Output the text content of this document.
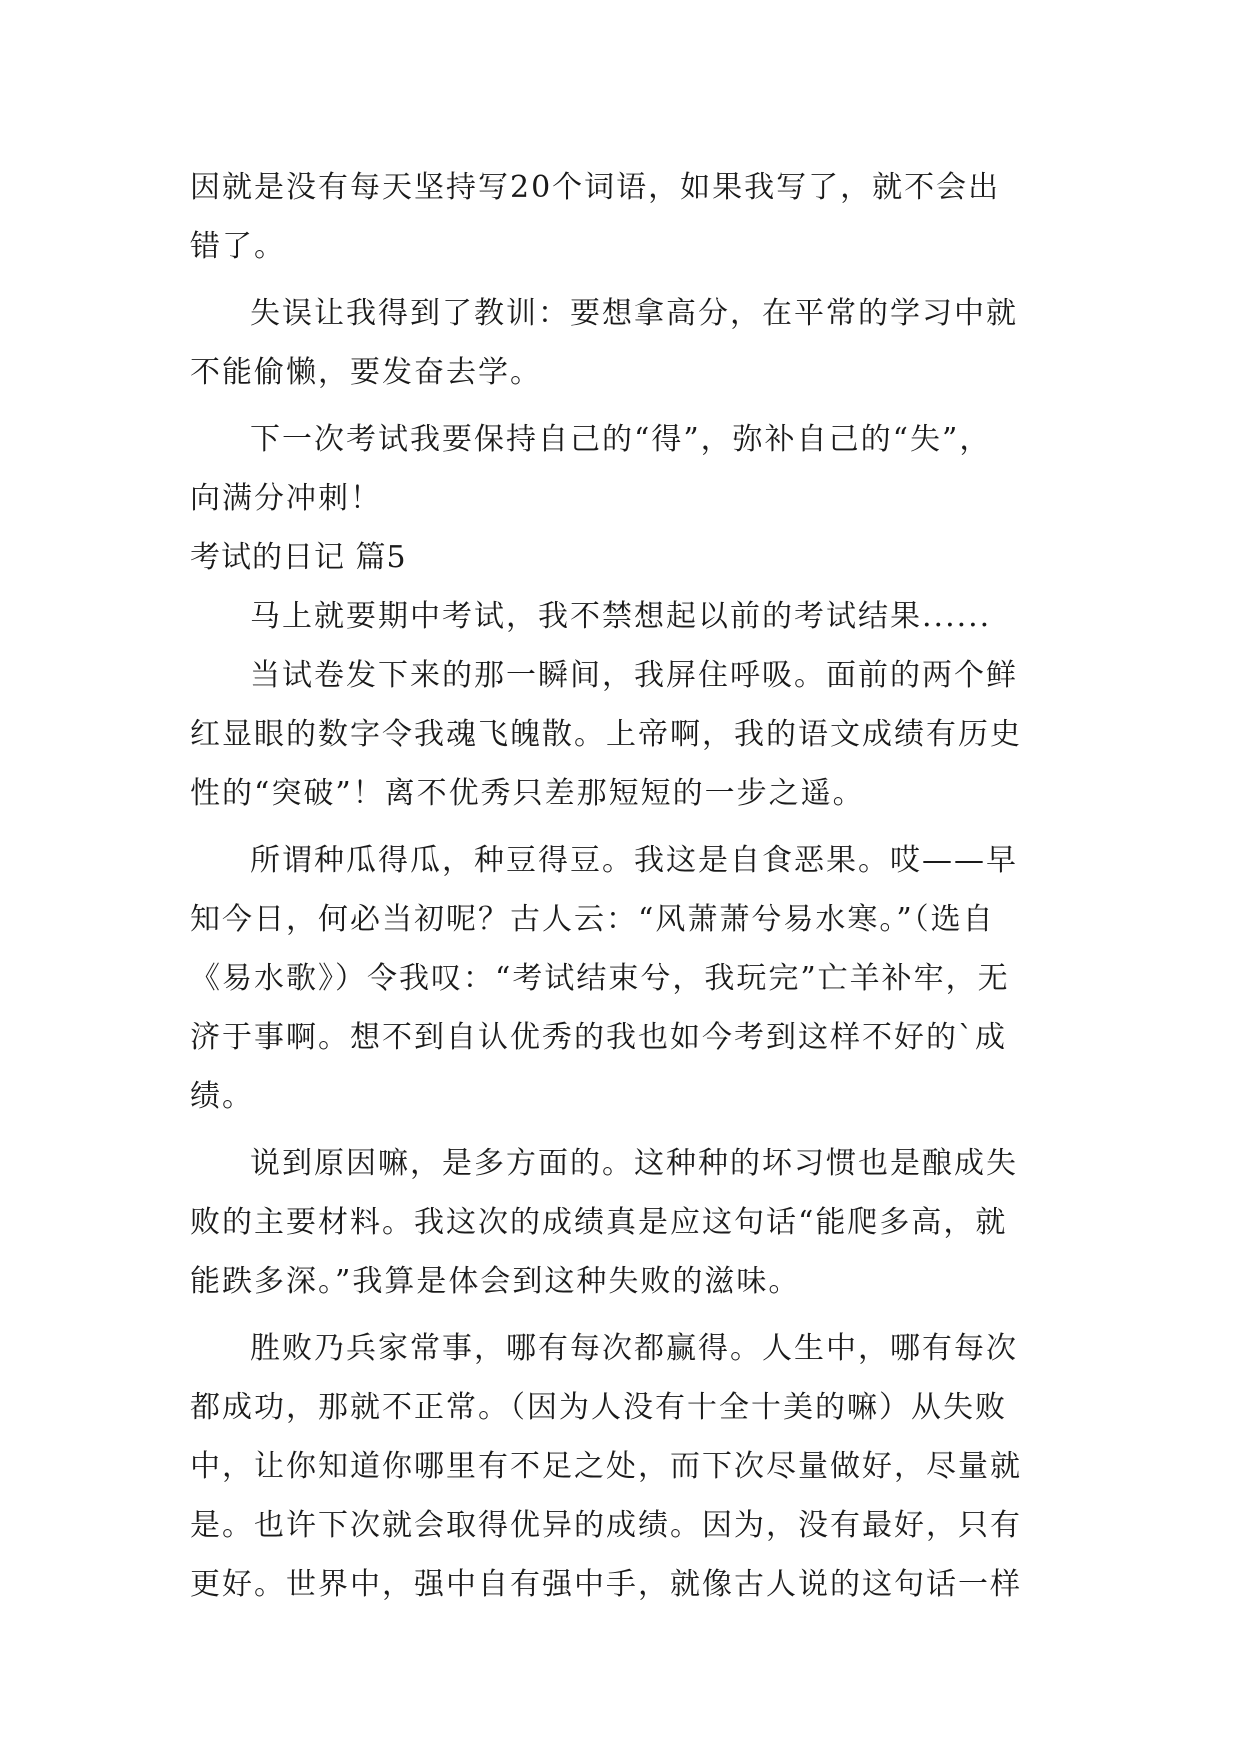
因就是没有每天坚持写20个词语，如果我写了，就不会出
错了。
失误让我得到了教训：要想拿高分，在平常的学习中就
不能偷懒，要发奋去学。
下一次考试我要保持自己的“得”，弥补自己的“失”，
向满分冲刺！
考试的日记 篇5
马上就要期中考试，我不禁想起以前的考试结果......
当试卷发下来的那一瞬间，我屏住呼吸。面前的两个鲜
红显眼的数字令我魂飞魄散。上帝啊，我的语文成绩有历史
性的“突破”！离不优秀只差那短短的一步之遥。
所谓种瓜得瓜，种豆得豆。我这是自食恶果。哎——早
知今日，何必当初呢？古人云：“风萧萧兮易水寒。”（选自
《易水歌》）令我叹：“考试结束兮，我玩完”亡羊补牢，无
济于事啊。想不到自认优秀的我也如今考到这样不好的`成
绩。
说到原因嘛，是多方面的。这种种的坏习惯也是酿成失
败的主要材料。我这次的成绩真是应这句话“能爬多高，就
能跌多深。”我算是体会到这种失败的滋味。
胜败乃兵家常事，哪有每次都赢得。人生中，哪有每次
都成功，那就不正常。（因为人没有十全十美的嘛）从失败
中，让你知道你哪里有不足之处，而下次尽量做好，尽量就
是。也许下次就会取得优异的成绩。因为，没有最好，只有
更好。世界中，强中自有强中手，就像古人说的这句话一样
